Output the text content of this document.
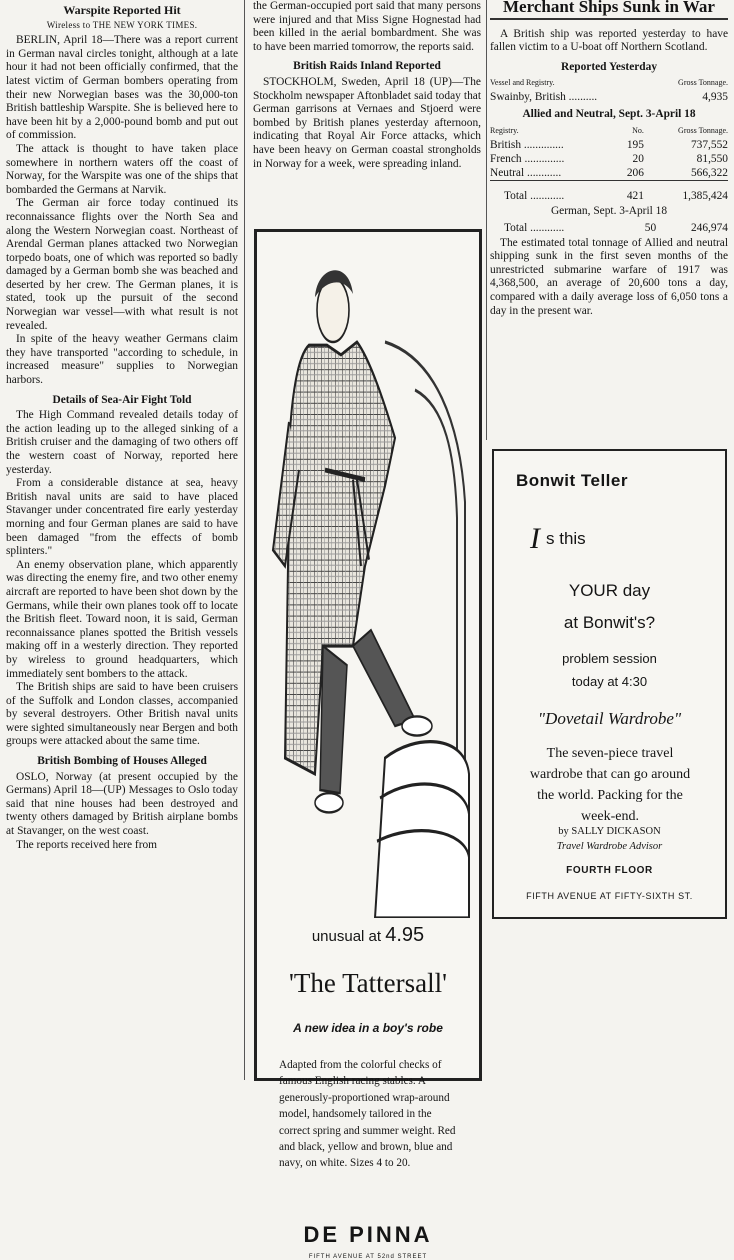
Warspite Reported Hit
Wireless to THE NEW YORK TIMES.

BERLIN, April 18—There was a report current in German naval circles tonight, although at a late hour it had not been officially confirmed, that the latest victim of German bombers operating from their new Norwegian bases was the 30,000-ton British battleship Warspite. She is believed here to have been hit by a 2,000-pound bomb and put out of commission.

The attack is thought to have taken place somewhere in northern waters off the coast of Norway, for the Warspite was one of the ships that bombarded the Germans at Narvik.

The German air force today continued its reconnaissance flights over the North Sea and along the Western Norwegian coast. Northeast of Arendal German planes attacked two Norwegian torpedo boats, one of which was reported so badly damaged by a German bomb she was beached and deserted by her crew. The German planes, it is stated, took up the pursuit of the second Norwegian war vessel—with what result is not revealed.

In spite of the heavy weather Germans claim they have transported "according to schedule, in increased measure" supplies to Norwegian harbors.

Details of Sea-Air Fight Told

The High Command revealed details today of the action leading up to the alleged sinking of a British cruiser and the damaging of two others off the western coast of Norway, reported here yesterday.

From a considerable distance at sea, heavy British naval units are said to have placed Stavanger under concentrated fire early yesterday morning and four German planes are said to have been damaged "from the effects of bomb splinters."

An enemy observation plane, which apparently was directing the enemy fire, and two other enemy aircraft are reported to have been shot down by the Germans, while their own planes took off to locate the British fleet. Toward noon, it is said, German reconnaissance planes spotted the British vessels making off in a westerly direction. They reported by wireless to ground headquarters, which immediately sent bombers to the attack.

The British ships are said to have been cruisers of the Suffolk and London classes, accompanied by several destroyers. Other British naval units were sighted simultaneously near Bergen and both groups were attacked about the same time.

British Bombing of Houses Alleged

OSLO, Norway (at present occupied by the Germans) April 18—(UP) Messages to Oslo today said that nine houses had been destroyed and twenty others damaged by British airplane bombs at Stavanger, on the west coast.

The reports received here from

the German-occupied port said that many persons were injured and that Miss Signe Hognestad had been killed in the aerial bombardment. She was to have been married tomorrow, the reports said.

British Raids Inland Reported

STOCKHOLM, Sweden, April 18 (UP)—The Stockholm newspaper Aftonbladet said today that German garrisons at Vernaes and Stjoerd were bombed by British planes yesterday afternoon, indicating that Royal Air Force attacks, which have been heavy on German coastal strongholds in Norway for a week, were spreading inland.

unusual at 4.95
'The Tattersall'
A new idea in a boy's robe
Adapted from the colorful checks of famous English racing stables. A generously-proportioned wrap-around model, handsomely tailored in the correct spring and summer weight. Red and black, yellow and brown, blue and navy, on white. Sizes 4 to 20.
DE PINNA
FIFTH AVENUE AT 52nd STREET
Merchant Ships Sunk in War

A British ship was reported yesterday to have fallen victim to a U-boat off Northern Scotland.

Reported Yesterday
Vessel and Registry.	Gross Tonnage.
Swainby, British ..........	4,935
Allied and Neutral, Sept. 3-April 18
Registry.	No.	Gross Tonnage.
British ..............	195	737,552
French ..............	20	81,550
Neutral ............	206	566,322

Total ............	421	1,385,424
German, Sept. 3-April 18
Total ............	50	246,974

The estimated total tonnage of Allied and neutral shipping sunk in the first seven months of the unrestricted submarine warfare of 1917 was 4,368,500, an average of 20,600 tons a day, compared with a daily average loss of 6,050 tons a day in the present war.

Bonwit Teller
Is this
YOUR day
at Bonwit's?
problem session
today at 4:30
"Dovetail Wardrobe"
The seven-piece travel wardrobe that can go around the world. Packing for the week-end.
by SALLY DICKASON
Travel Wardrobe Advisor
FOURTH FLOOR
FIFTH AVENUE AT FIFTY-SIXTH ST.
